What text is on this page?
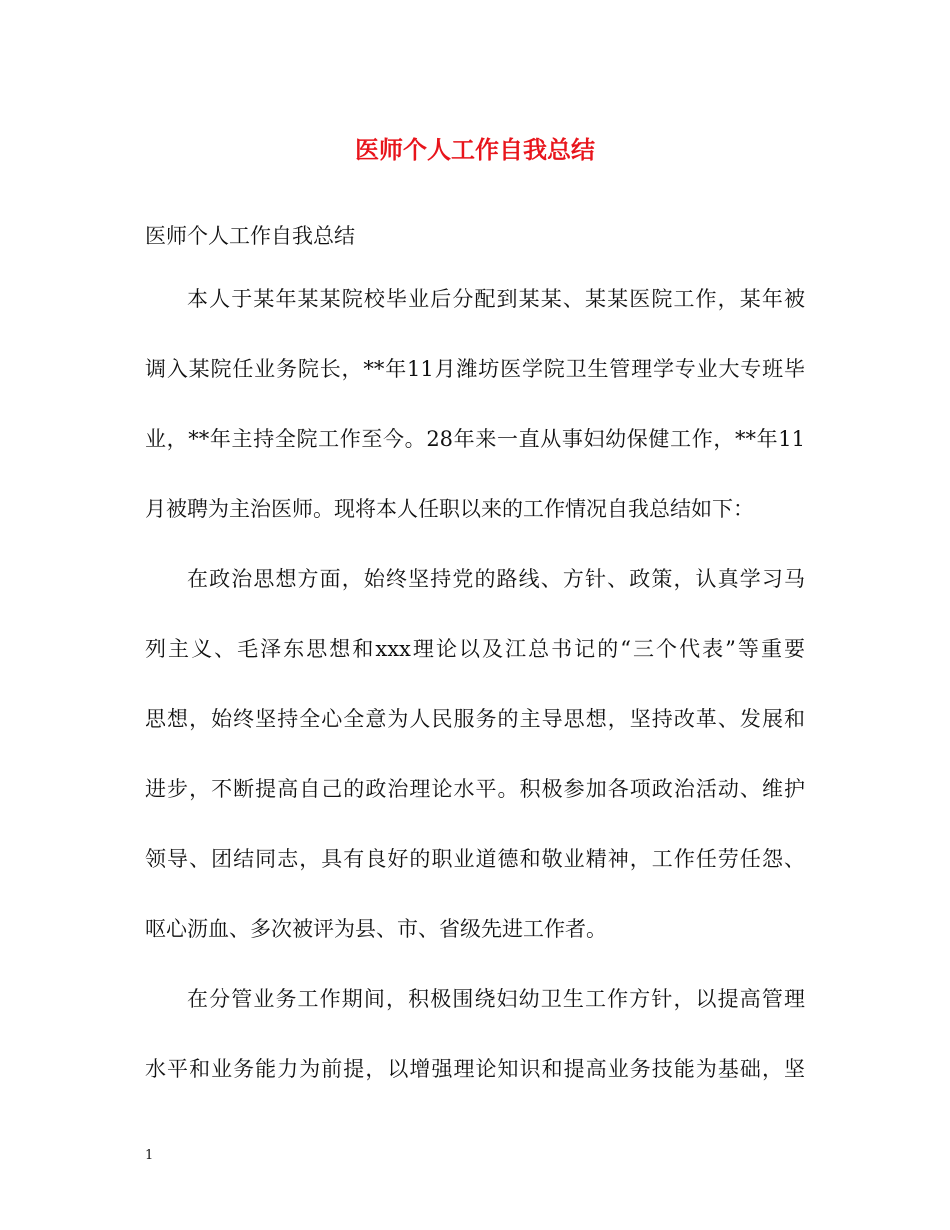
医师个人工作自我总结
医师个人工作自我总结
本人于某年某某院校毕业后分配到某某、某某医院工作，某年被
调入某院任业务院长，**年11月潍坊医学院卫生管理学专业大专班毕
业，**年主持全院工作至今。28年来一直从事妇幼保健工作，**年11
月被聘为主治医师。现将本人任职以来的工作情况自我总结如下：
在政治思想方面，始终坚持党的路线、方针、政策，认真学习马
列主义、毛泽东思想和xxx理论以及江总书记的“三个代表”等重要
思想，始终坚持全心全意为人民服务的主导思想，坚持改革、发展和
进步，不断提高自己的政治理论水平。积极参加各项政治活动、维护
领导、团结同志，具有良好的职业道德和敬业精神，工作任劳任怨、
呕心沥血、多次被评为县、市、省级先进工作者。
在分管业务工作期间，积极围绕妇幼卫生工作方针，以提高管理
水平和业务能力为前提，以增强理论知识和提高业务技能为基础，坚
1
